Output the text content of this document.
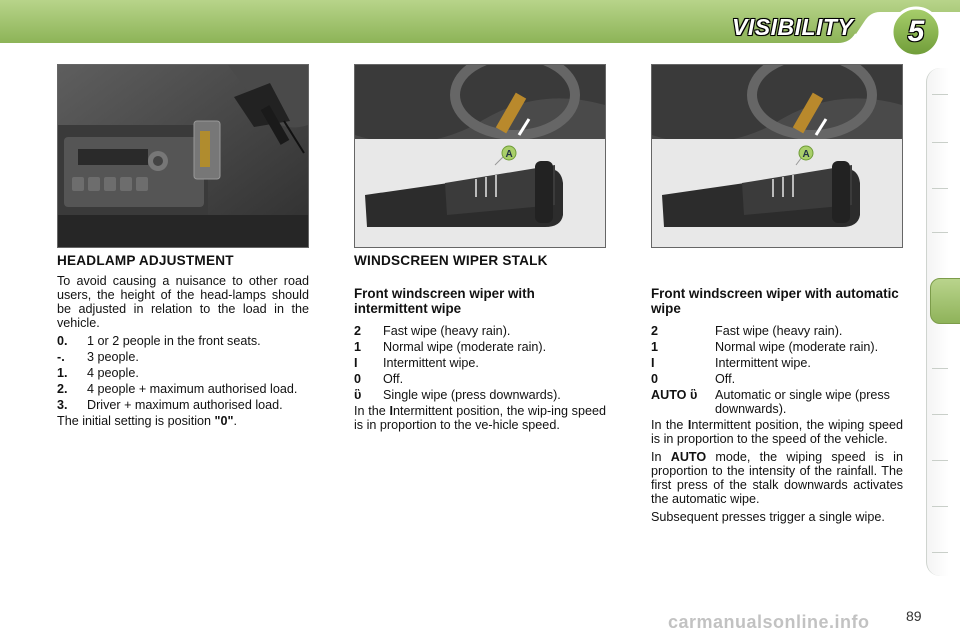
VISIBILITY	5
A	A
HEADLAMP ADJUSTMENT

To avoid causing a nuisance to other road users, the height of the head-lamps should be adjusted in relation to the load in the vehicle.

0.	1 or 2 people in the front seats.
-.	3 people.
1.	4 people.
2.	4 people + maximum authorised load.
3.	Driver + maximum authorised load.

The initial setting is position "0".

WINDSCREEN WIPER STALK
Front windscreen wiper with intermittent wipe
2	Fast wipe (heavy rain).
1	Normal wipe (moderate rain).
I	Intermittent wipe.
0	Off.
ὓ	Single wipe (press downwards).

In the Intermittent position, the wip-ing speed is in proportion to the ve-hicle speed.

Front windscreen wiper with automatic wipe
2	Fast wipe (heavy rain).
1	Normal wipe (moderate rain).
I	Intermittent wipe.
0	Off.
AUTO ὓ	Automatic or single wipe (press downwards).

In the Intermittent position, the wiping speed is in proportion to the speed of the vehicle.

In AUTO mode, the wiping speed is in proportion to the intensity of the rainfall. The first press of the stalk downwards activates the automatic wipe.

Subsequent presses trigger a single wipe.

carmanualsonline.info	89
